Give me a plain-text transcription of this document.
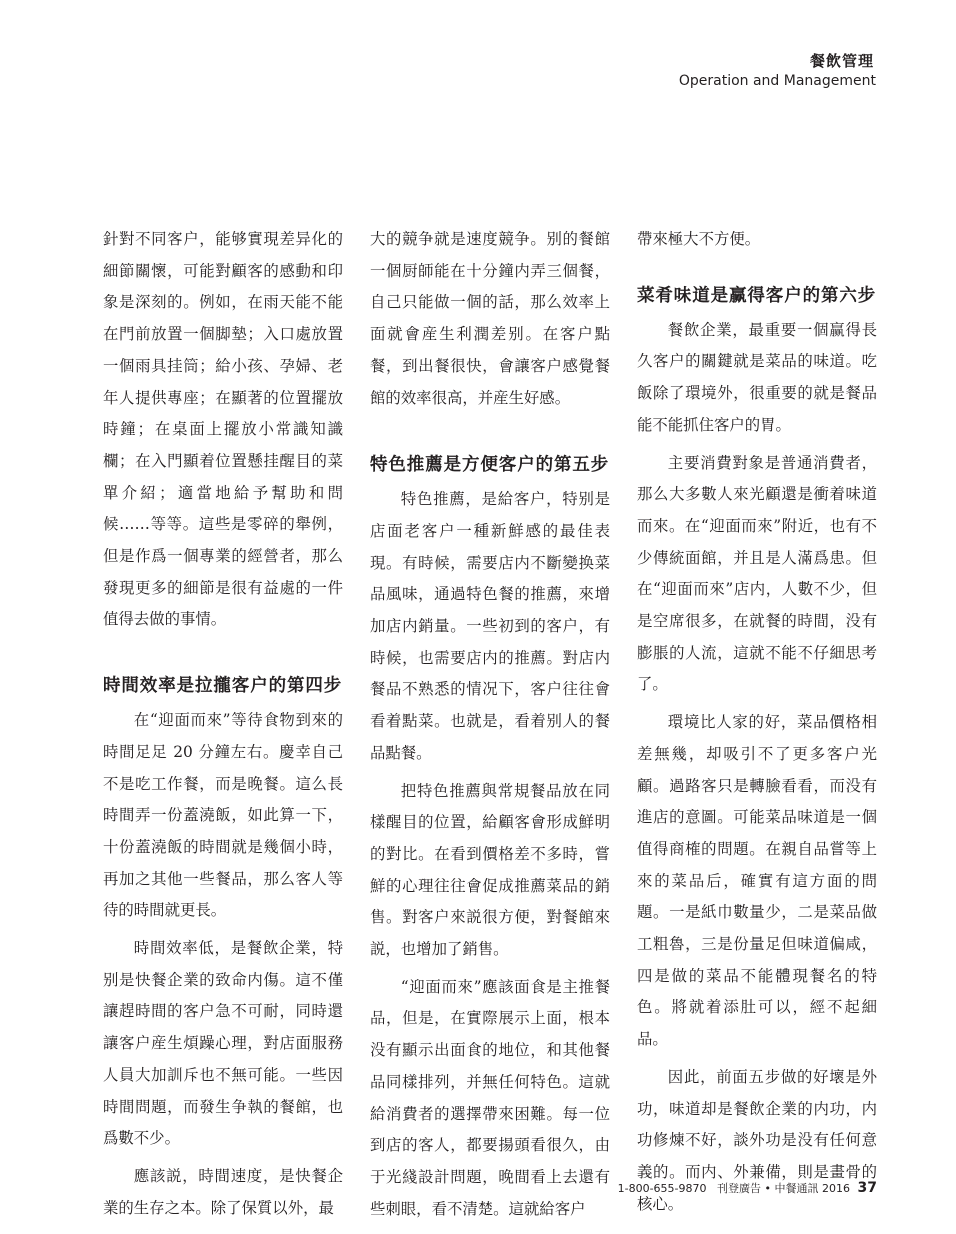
餐飲管理
Operation and Management

針對不同客户，能够實現差异化的細節關懷，可能對顧客的感動和印象是深刻的。例如，在雨天能不能在門前放置一個脚墊；入口處放置一個雨具挂筒；給小孩、孕婦、老年人提供專座；在顯著的位置擺放時鐘；在桌面上擺放小常識知識欄；在入門顯着位置懸挂醒目的菜單介紹；適當地給予幫助和問候……等等。這些是零碎的舉例，但是作爲一個專業的經營者，那么發現更多的細節是很有益處的一件值得去做的事情。

時間效率是拉攏客户的第四步

在“迎面而來”等待食物到來的時間足足 20 分鐘左右。慶幸自己不是吃工作餐，而是晚餐。這么長時間弄一份蓋澆飯，如此算一下，十份蓋澆飯的時間就是幾個小時，再加之其他一些餐品，那么客人等待的時間就更長。

時間效率低，是餐飲企業，特别是快餐企業的致命内傷。這不僅讓趕時間的客户急不可耐，同時還讓客户産生煩躁心理，對店面服務人員大加訓斥也不無可能。一些因時間問題，而發生争執的餐館，也爲數不少。

應該説，時間速度，是快餐企業的生存之本。除了保質以外，最

大的競争就是速度競争。别的餐館一個厨師能在十分鐘内弄三個餐，自己只能做一個的話，那么效率上面就會産生利潤差别。在客户點餐，到出餐很快，會讓客户感覺餐館的效率很高，并産生好感。

特色推薦是方便客户的第五步

特色推薦，是給客户，特别是店面老客户一種新鮮感的最佳表現。有時候，需要店内不斷變换菜品風味，通過特色餐的推薦，來增加店内銷量。一些初到的客户，有時候，也需要店内的推薦。對店内餐品不熟悉的情况下，客户往往會看着點菜。也就是，看着别人的餐品點餐。

把特色推薦與常規餐品放在同樣醒目的位置，給顧客會形成鮮明的對比。在看到價格差不多時，嘗鮮的心理往往會促成推薦菜品的銷售。對客户來説很方便，對餐館來説，也增加了銷售。

“迎面而來”應該面食是主推餐品，但是，在實際展示上面，根本没有顯示出面食的地位，和其他餐品同樣排列，并無任何特色。這就給消費者的選擇帶來困難。每一位到店的客人，都要揚頭看很久，由于光綫設計問題，晚間看上去還有些刺眼，看不清楚。這就給客户

帶來極大不方便。

菜肴味道是赢得客户的第六步

餐飲企業，最重要一個赢得長久客户的關鍵就是菜品的味道。吃飯除了環境外，很重要的就是餐品能不能抓住客户的胃。

主要消費對象是普通消費者，那么大多數人來光顧還是衝着味道而來。在“迎面而來”附近，也有不少傳統面館，并且是人滿爲患。但在“迎面而來”店内，人數不少，但是空席很多，在就餐的時間，没有膨脹的人流，這就不能不仔細思考了。

環境比人家的好，菜品價格相差無幾，却吸引不了更多客户光顧。過路客只是轉臉看看，而没有進店的意圖。可能菜品味道是一個值得商榷的問題。在親自品嘗等上來的菜品后，確實有這方面的問題。一是紙巾數量少，二是菜品做工粗魯，三是份量足但味道偏咸，四是做的菜品不能體現餐名的特色。將就着添肚可以，經不起細品。

因此，前面五步做的好壞是外功，味道却是餐飲企業的内功，内功修煉不好，談外功是没有任何意義的。而内、外兼備，則是畫骨的核心。

1-800-655-9870 刊登廣告 • 中餐通訊 2016 37
